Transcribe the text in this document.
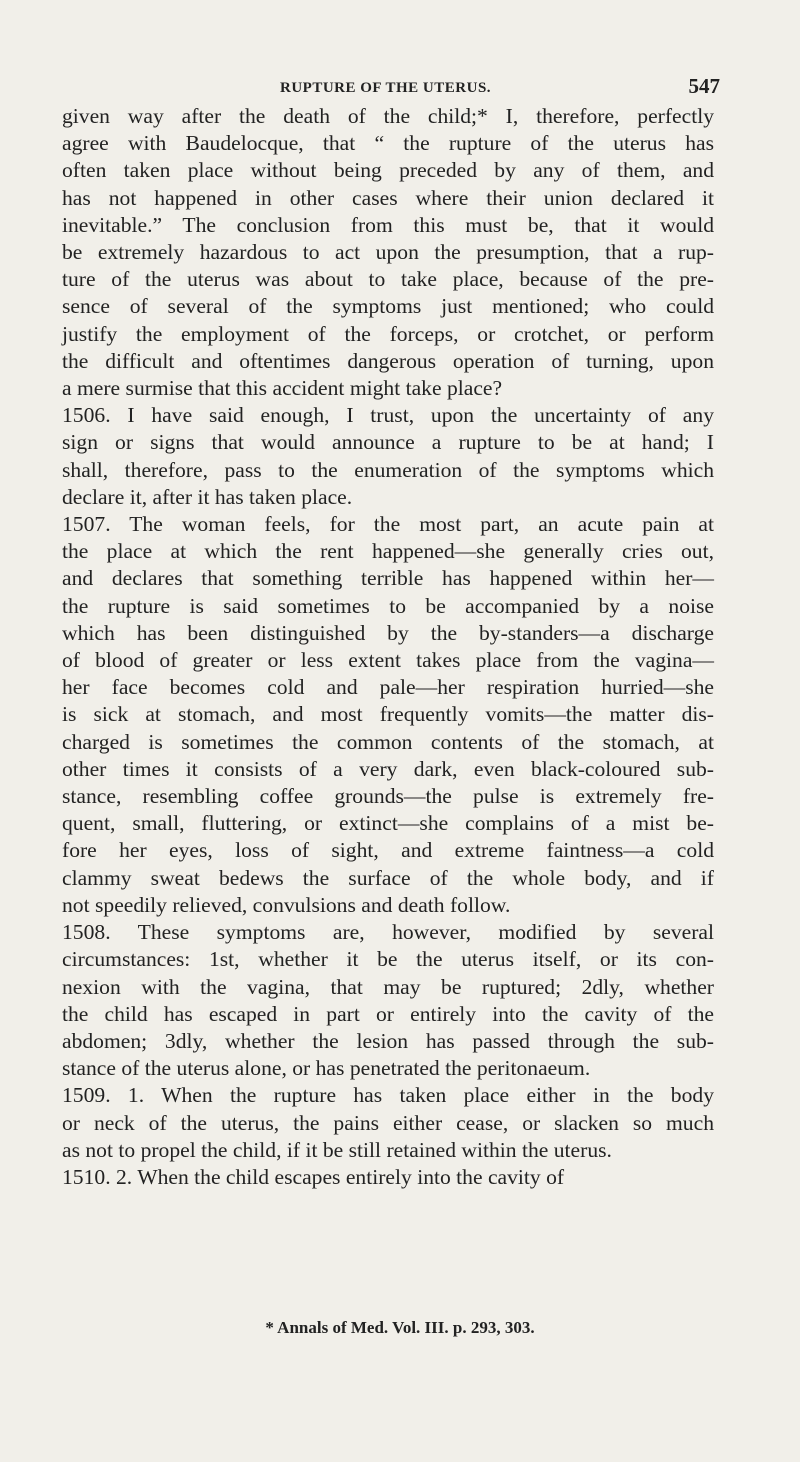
RUPTURE OF THE UTERUS.	547

given way after the death of the child;* I, therefore, perfectly

agree with Baudelocque, that “ the rupture of the uterus has

often taken place without being preceded by any of them, and

has not happened in other cases where their union declared it

inevitable.” The conclusion from this must be, that it would

be extremely hazardous to act upon the presumption, that a rup-

ture of the uterus was about to take place, because of the pre-

sence of several of the symptoms just mentioned; who could

justify the employment of the forceps, or crotchet, or perform

the difficult and oftentimes dangerous operation of turning, upon

a mere surmise that this accident might take place?

1506. I have said enough, I trust, upon the uncertainty of any

sign or signs that would announce a rupture to be at hand; I

shall, therefore, pass to the enumeration of the symptoms which

declare it, after it has taken place.

1507. The woman feels, for the most part, an acute pain at

the place at which the rent happened—she generally cries out,

and declares that something terrible has happened within her—

the rupture is said sometimes to be accompanied by a noise

which has been distinguished by the by-standers—a discharge

of blood of greater or less extent takes place from the vagina—

her face becomes cold and pale—her respiration hurried—she

is sick at stomach, and most frequently vomits—the matter dis-

charged is sometimes the common contents of the stomach, at

other times it consists of a very dark, even black-coloured sub-

stance, resembling coffee grounds—the pulse is extremely fre-

quent, small, fluttering, or extinct—she complains of a mist be-

fore her eyes, loss of sight, and extreme faintness—a cold

clammy sweat bedews the surface of the whole body, and if

not speedily relieved, convulsions and death follow.

1508. These symptoms are, however, modified by several

circumstances: 1st, whether it be the uterus itself, or its con-

nexion with the vagina, that may be ruptured; 2dly, whether

the child has escaped in part or entirely into the cavity of the

abdomen; 3dly, whether the lesion has passed through the sub-

stance of the uterus alone, or has penetrated the peritonaeum.

1509. 1. When the rupture has taken place either in the body

or neck of the uterus, the pains either cease, or slacken so much

as not to propel the child, if it be still retained within the uterus.

1510. 2. When the child escapes entirely into the cavity of

* Annals of Med. Vol. III. p. 293, 303.
